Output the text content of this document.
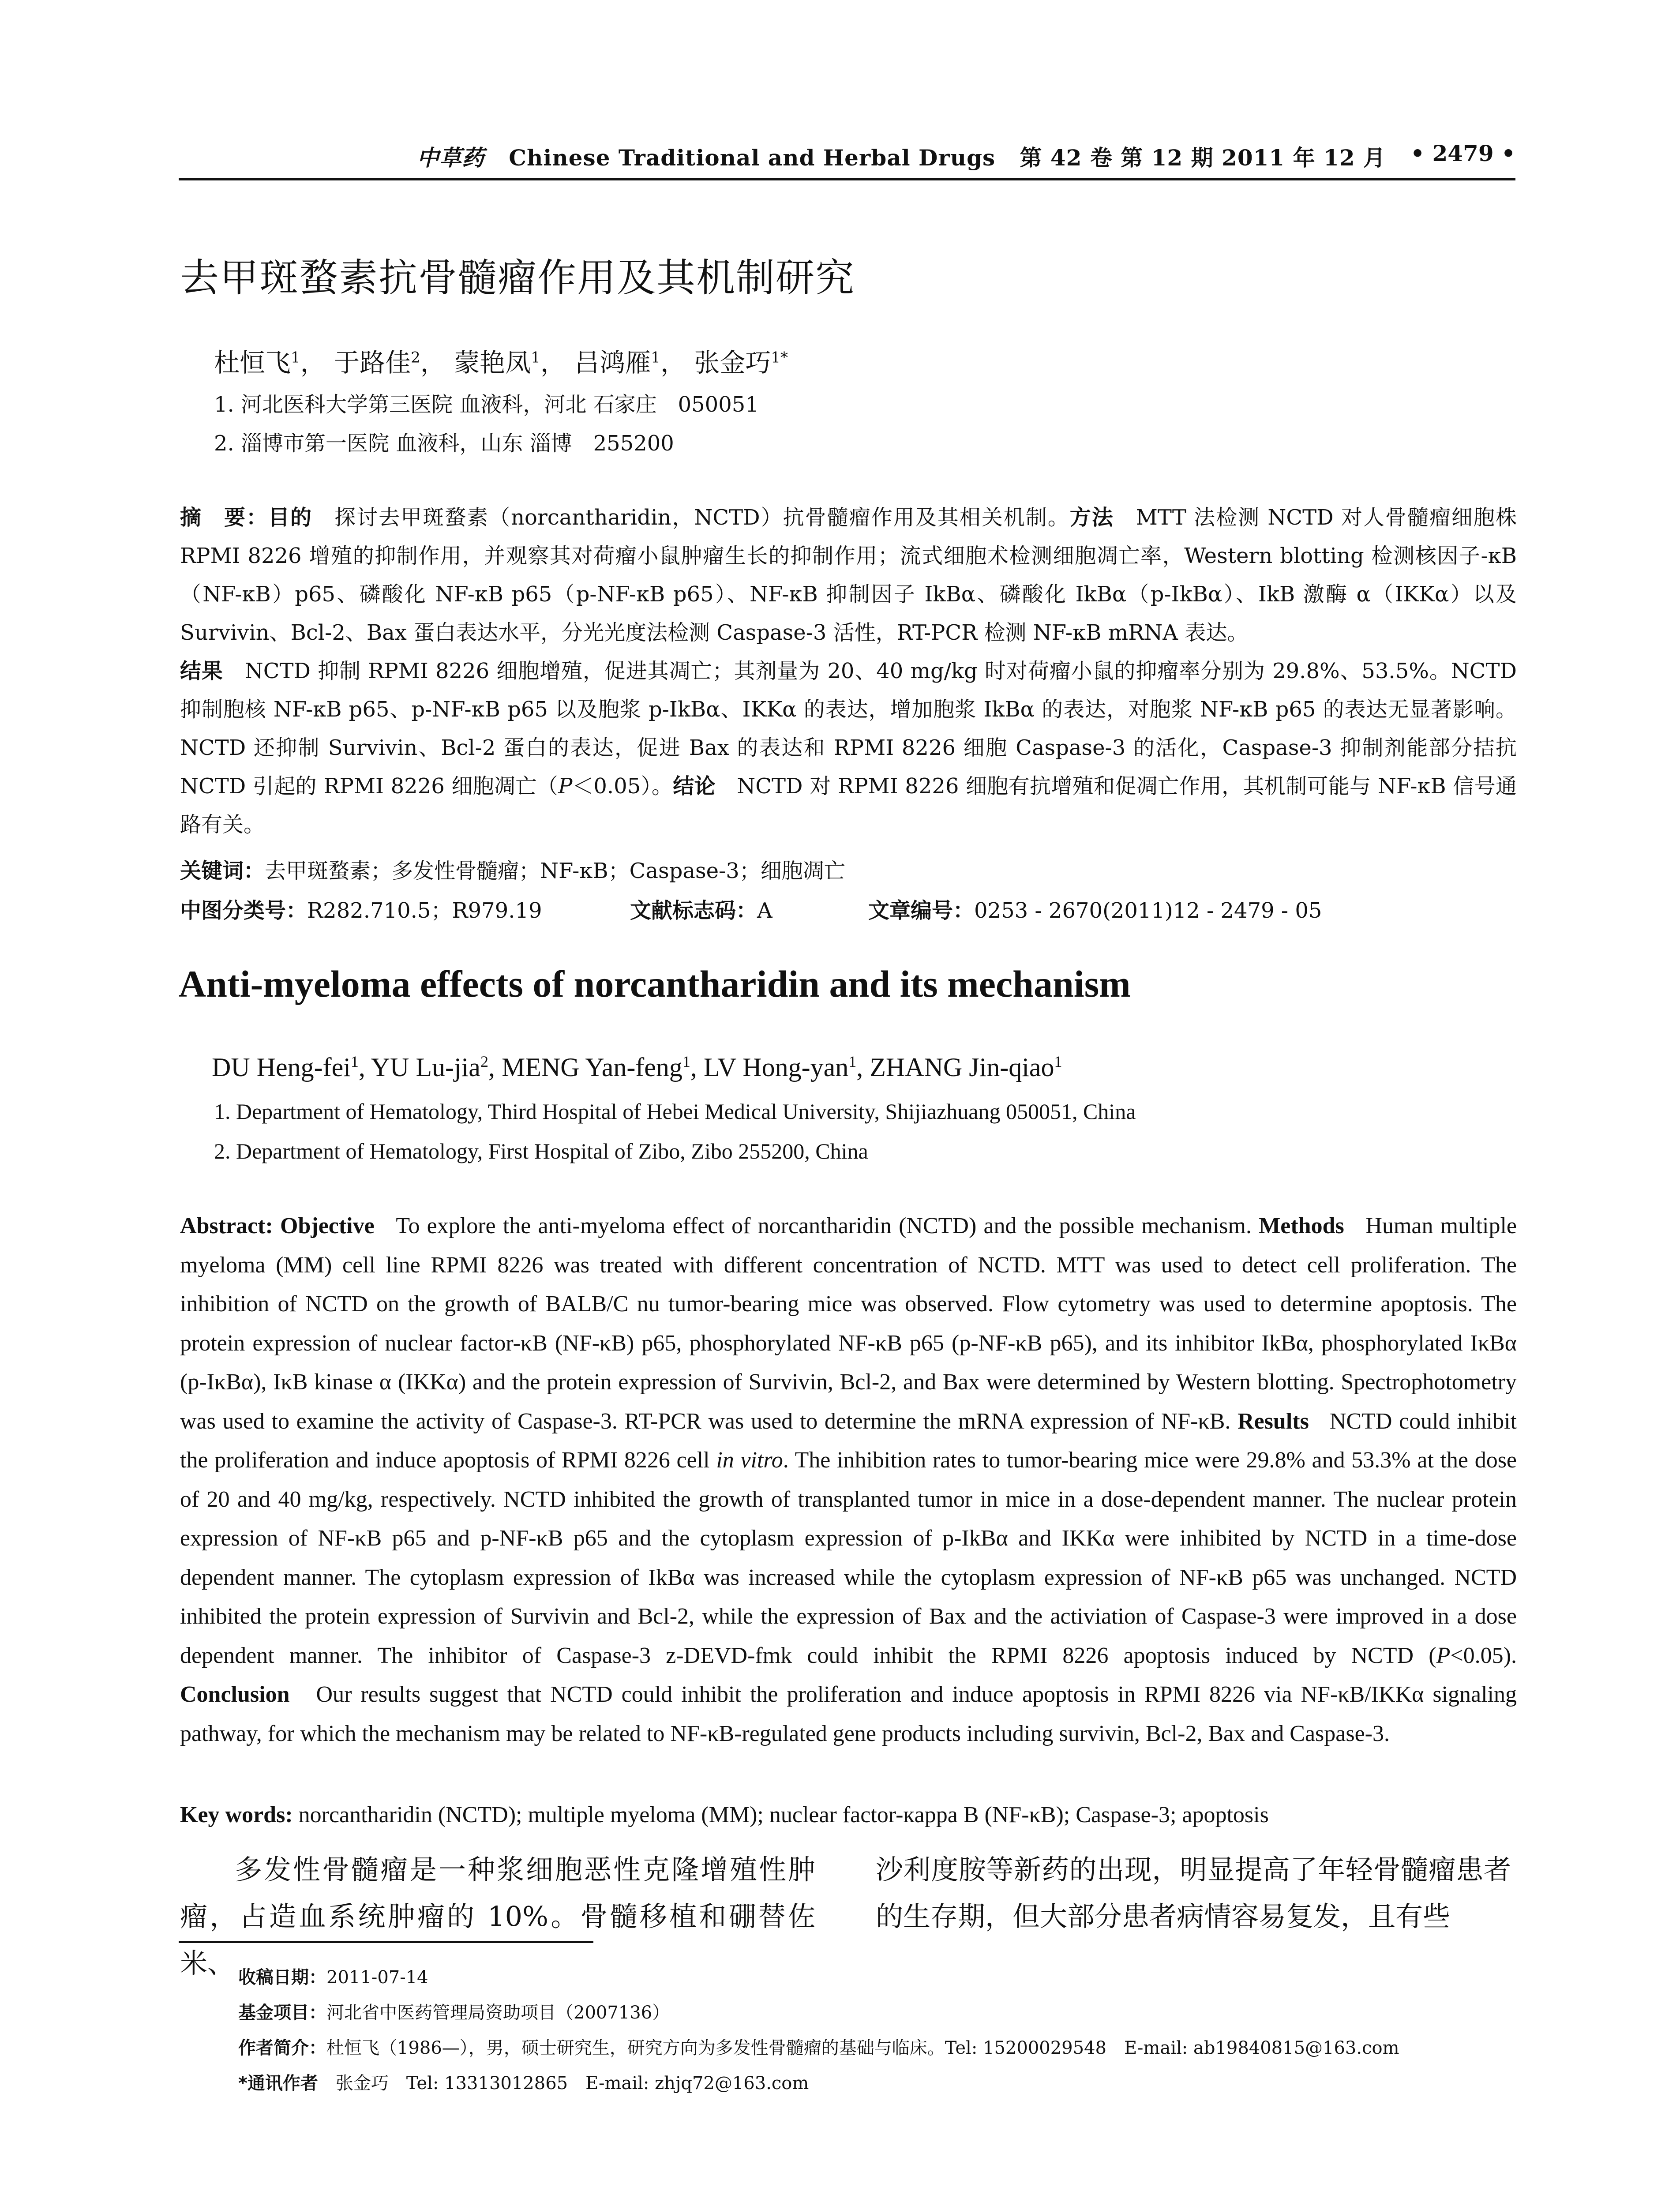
中草药 Chinese Traditional and Herbal Drugs 第 42 卷 第 12 期 2011 年 12 月 • 2479 •
去甲斑蝥素抗骨髓瘤作用及其机制研究
杜恒飞$^1$， 于路佳$^2$， 蒙艳凤$^1$， 吕鸿雁$^1$， 张金巧$^{1*}$
1. 河北医科大学第三医院 血液科，河北 石家庄　050051
2. 淄博市第一医院 血液科，山东 淄博　255200
摘　要：目的　 探讨去甲斑蝥素（norcantharidin，NCTD）抗骨髓瘤作用及其相关机制。方法　 MTT 法检测 NCTD 对人骨髓瘤细胞株 RPMI 8226 增殖的抑制作用，并观察其对荷瘤小鼠肿瘤生长的抑制作用；流式细胞术检测细胞凋亡率，Western blotting 检测核因子-κB（NF-κB）p65、磷酸化 NF-κB p65（p-NF-κB p65）、NF-κB 抑制因子 IkBα、磷酸化 IkBα（p-IkBα）、IkB 激酶 α（IKKα）以及 Survivin、Bcl-2、Bax 蛋白表达水平，分光光度法检测 Caspase-3 活性，RT-PCR 检测 NF-κB mRNA 表达。
结果　 NCTD 抑制 RPMI 8226 细胞增殖，促进其凋亡；其剂量为 20、40 mg/kg 时对荷瘤小鼠的抑瘤率分别为 29.8%、53.5%。NCTD 抑制胞核 NF-κB p65、p-NF-κB p65 以及胞浆 p-IkBα、IKKα 的表达，增加胞浆 IkBα 的表达，对胞浆 NF-κB p65 的表达无显著影响。NCTD 还抑制 Survivin、Bcl-2 蛋白的表达，促进 Bax 的表达和 RPMI 8226 细胞 Caspase-3 的活化，Caspase-3 抑制剂能部分拮抗 NCTD 引起的 RPMI 8226 细胞凋亡（P＜0.05）。结论　 NCTD 对 RPMI 8226 细胞有抗增殖和促凋亡作用，其机制可能与 NF-κB 信号通路有关。
关键词：去甲斑蝥素；多发性骨髓瘤；NF-κB；Caspase-3；细胞凋亡
中图分类号：R282.710.5；R979.19	文献标志码：A	文章编号：0253 - 2670(2011)12 - 2479 - 05
Anti-myeloma effects of norcantharidin and its mechanism
DU Heng-fei$^1$, YU Lu-jia$^2$, MENG Yan-feng$^1$, LV Hong-yan$^1$, ZHANG Jin-qiao$^1$
1. Department of Hematology, Third Hospital of Hebei Medical University, Shijiazhuang 050051, China
2. Department of Hematology, First Hospital of Zibo, Zibo 255200, China
Abstract: Objective To explore the anti-myeloma effect of norcantharidin (NCTD) and the possible mechanism. Methods Human multiple myeloma (MM) cell line RPMI 8226 was treated with different concentration of NCTD. MTT was used to detect cell proliferation. The inhibition of NCTD on the growth of BALB/C nu tumor-bearing mice was observed. Flow cytometry was used to determine apoptosis. The protein expression of nuclear factor-κB (NF-κB) p65, phosphorylated NF-κB p65 (p-NF-κB p65), and its inhibitor IkBα, phosphorylated IκBα (p-IκBα), IκB kinase α (IKKα) and the protein expression of Survivin, Bcl-2, and Bax were determined by Western blotting. Spectrophotometry was used to examine the activity of Caspase-3. RT-PCR was used to determine the mRNA expression of NF-κB. Results NCTD could inhibit the proliferation and induce apoptosis of RPMI 8226 cell in vitro. The inhibition rates to tumor-bearing mice were 29.8% and 53.3% at the dose of 20 and 40 mg/kg, respectively. NCTD inhibited the growth of transplanted tumor in mice in a dose-dependent manner. The nuclear protein expression of NF-κB p65 and p-NF-κB p65 and the cytoplasm expression of p-IkBα and IKKα were inhibited by NCTD in a time-dose dependent manner. The cytoplasm expression of IkBα was increased while the cytoplasm expression of NF-κB p65 was unchanged. NCTD inhibited the protein expression of Survivin and Bcl-2, while the expression of Bax and the activiation of Caspase-3 were improved in a dose dependent manner. The inhibitor of Caspase-3 z-DEVD-fmk could inhibit the RPMI 8226 apoptosis induced by NCTD (P<0.05). Conclusion Our results suggest that NCTD could inhibit the proliferation and induce apoptosis in RPMI 8226 via NF-κB/IKKα signaling pathway, for which the mechanism may be related to NF-κB-regulated gene products including survivin, Bcl-2, Bax and Caspase-3.
Key words: norcantharidin (NCTD); multiple myeloma (MM); nuclear factor-кappa B (NF-κB); Caspase-3; apoptosis
多发性骨髓瘤是一种浆细胞恶性克隆增殖性肿瘤，占造血系统肿瘤的 10%。骨髓移植和硼替佐米、
沙利度胺等新药的出现，明显提高了年轻骨髓瘤患者的生存期，但大部分患者病情容易复发，且有些
收稿日期：2011-07-14
基金项目：河北省中医药管理局资助项目（2007136）
作者简介：杜恒飞（1986—），男，硕士研究生，研究方向为多发性骨髓瘤的基础与临床。Tel: 15200029548　E-mail: ab19840815@163.com
*通讯作者　 张金巧　Tel: 13313012865　E-mail: zhjq72@163.com
